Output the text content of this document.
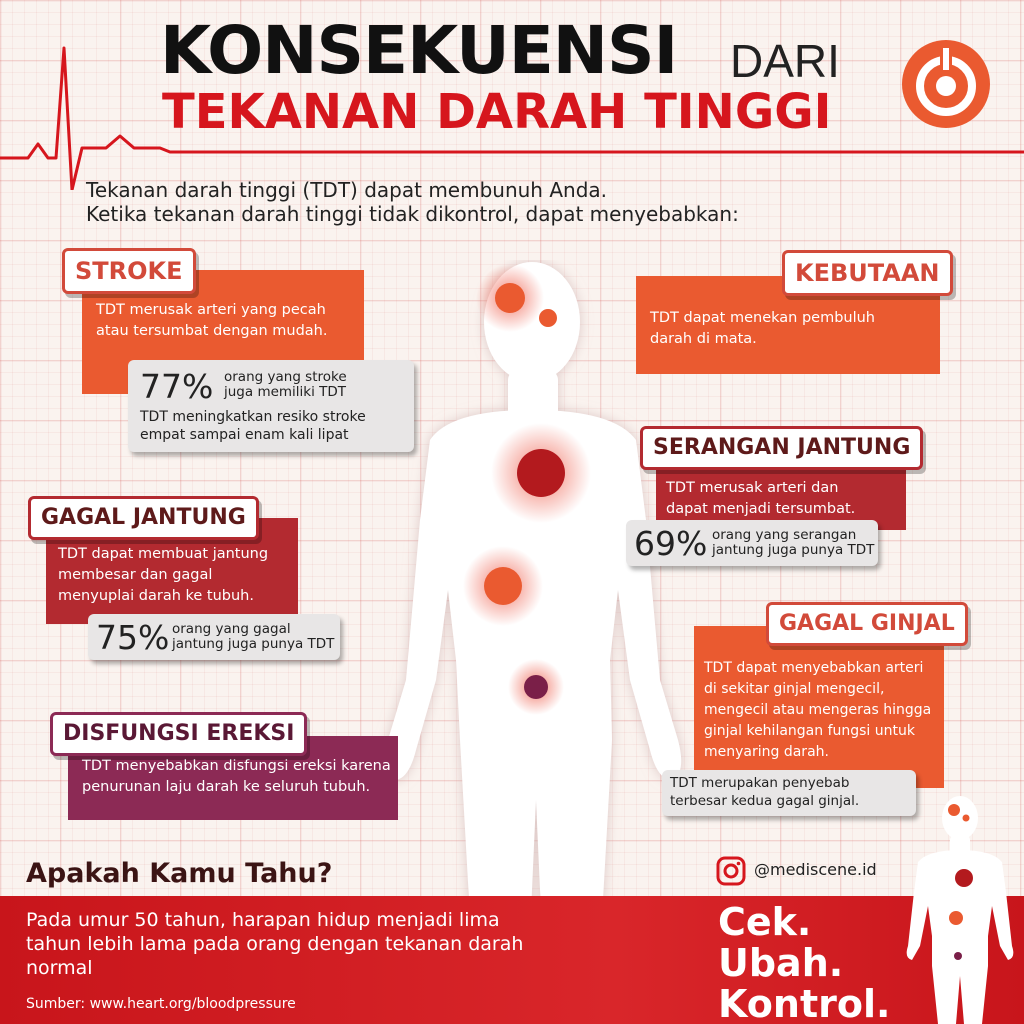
KONSEKUENSI DARI
TEKANAN DARAH TINGGI
Tekanan darah tinggi (TDT) dapat membunuh Anda.
Ketika tekanan darah tinggi tidak dikontrol, dapat menyebabkan:
TDT merusak arteri yang pecah atau tersumbat dengan mudah.
STROKE
77% orang yang stroke
juga memiliki TDT
TDT meningkatkan resiko stroke empat sampai enam kali lipat
TDT dapat menekan pembuluh darah di mata.
KEBUTAAN
TDT merusak arteri dan dapat menjadi tersumbat.
SERANGAN JANTUNG
69% orang yang serangan
jantung juga punya TDT
TDT dapat membuat jantung membesar dan gagal menyuplai darah ke tubuh.
GAGAL JANTUNG
75% orang yang gagal
jantung juga punya TDT
TDT dapat menyebabkan arteri di sekitar ginjal mengecil, mengecil atau mengeras hingga ginjal kehilangan fungsi untuk menyaring darah.
GAGAL GINJAL
TDT merupakan penyebab terbesar kedua gagal ginjal.
TDT menyebabkan disfungsi ereksi karena penurunan laju darah ke seluruh tubuh.
DISFUNGSI EREKSI
Apakah Kamu Tahu?	@mediscene.id
Pada umur 50 tahun, harapan hidup menjadi lima tahun lebih lama pada orang dengan tekanan darah normal
Sumber: www.heart.org/bloodpressure
Cek.
Ubah.
Kontrol.
